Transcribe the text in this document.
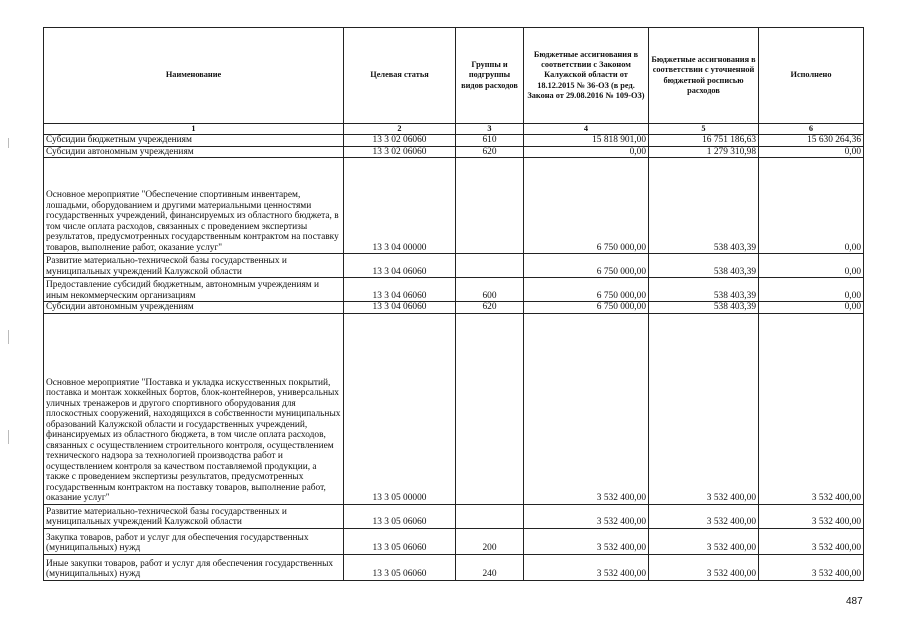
Наименование	Целевая статья	Группы и подгруппы видов расходов	Бюджетные ассигнования в соответствии с Законом Калужской области от 18.12.2015 № 36-ОЗ (в ред. Закона от 29.08.2016 № 109-ОЗ)	Бюджетные ассигнования в соответствии с уточненной бюджетной росписью расходов	Исполнено
1	2	3	4	5	6
Субсидии бюджетным учреждениям	13 3 02 06060	610	15 818 901,00	16 751 186,63	15 630 264,36
Субсидии автономным учреждениям	13 3 02 06060	620	0,00	1 279 310,98	0,00
Основное мероприятие "Обеспечение спортивным инвентарем, лошадьми, оборудованием и другими материальными ценностями государственных учреждений, финансируемых из областного бюджета, в том числе оплата расходов, связанных с проведением экспертизы результатов, предусмотренных государственным контрактом на поставку товаров, выполнение работ, оказание услуг"	13 3 04 00000		6 750 000,00	538 403,39	0,00
Развитие материально-технической базы государственных и муниципальных учреждений Калужской области	13 3 04 06060		6 750 000,00	538 403,39	0,00
Предоставление субсидий бюджетным, автономным учреждениям и иным некоммерческим организациям	13 3 04 06060	600	6 750 000,00	538 403,39	0,00
Субсидии автономным учреждениям	13 3 04 06060	620	6 750 000,00	538 403,39	0,00
Основное мероприятие "Поставка и укладка искусственных покрытий, поставка и монтаж хоккейных бортов, блок-контейнеров, универсальных уличных тренажеров и другого спортивного оборудования для плоскостных сооружений, находящихся в собственности муниципальных образований Калужской области и государственных учреждений, финансируемых из областного бюджета, в том числе оплата расходов, связанных с осуществлением строительного контроля, осуществлением технического надзора за технологией производства работ и осуществлением контроля за качеством поставляемой продукции, а также с проведением экспертизы результатов, предусмотренных государственным контрактом на поставку товаров, выполнение работ, оказание услуг"	13 3 05 00000		3 532 400,00	3 532 400,00	3 532 400,00
Развитие материально-технической базы государственных и муниципальных учреждений Калужской области	13 3 05 06060		3 532 400,00	3 532 400,00	3 532 400,00
Закупка товаров, работ и услуг для обеспечения государственных (муниципальных) нужд	13 3 05 06060	200	3 532 400,00	3 532 400,00	3 532 400,00
Иные закупки товаров, работ и услуг для обеспечения государственных (муниципальных) нужд	13 3 05 06060	240	3 532 400,00	3 532 400,00	3 532 400,00
487
